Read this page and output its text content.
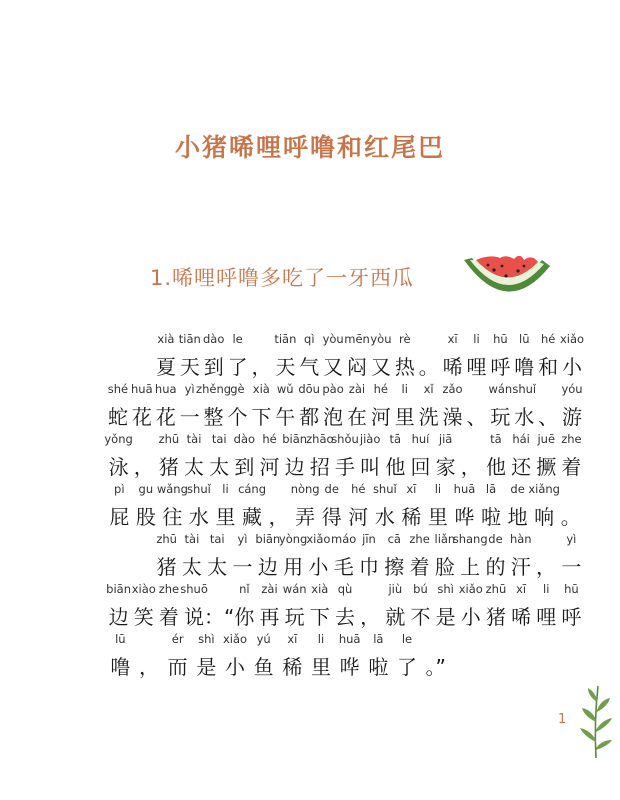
小猪唏哩呼噜和红尾巴
1.唏哩呼噜多吃了一牙西瓜
xià
夏
tiān
天
dào
到
le
了 ，
tiān
天
qì
气
yòu
又
mēn
闷
yòu
又
rè
热 。
xī
唏
li
哩
hū
呼
lū
噜
hé
和
xiǎo
小
shé
蛇
huā
花
hua
花
yì
一
zhěng
整
gè
个
xià
下
wǔ
午
dōu
都
pào
泡
zài
在
hé
河
li
里
xǐ
洗
zǎo
澡 、
wán
玩
shuǐ
水 、
yóu
游
yǒng
泳 ，
zhū
猪
tài
太
tai
太
dào
到
hé
河
biān
边
zhāo
招
shǒu
手
jiào
叫
tā
他
huí
回
jiā
家 ，
tā
他
hái
还
juē
撅
zhe
着
pì
屁
gu
股
wǎng
往
shuǐ
水
li
里
cáng
藏 ，
nòng
弄
de
得
hé
河
shuǐ
水
xī
稀
li
里
huā
哗
lā
啦
de
地
xiǎng
响 。
zhū
猪
tài
太
tai
太
yì
一
biān
边
yòng
用
xiǎo
小
máo
毛
jīn
巾
cā
擦
zhe
着
liǎn
脸
shang
上
de
的
hàn
汗 ，
yì
一
biān
边
xiào
笑
zhe
着
shuō
说 ：“
nǐ
你
zài
再
wán
玩
xià
下
qù
去 ，
jiù
就
bú
不
shì
是
xiǎo
小
zhū
猪
xī
唏
li
哩
hū
呼
lū
噜 ，
ér
而
shì
是
xiǎo
小
yú
鱼
xī
稀
li
里
huā
哗
lā
啦
le
了 。”
1
